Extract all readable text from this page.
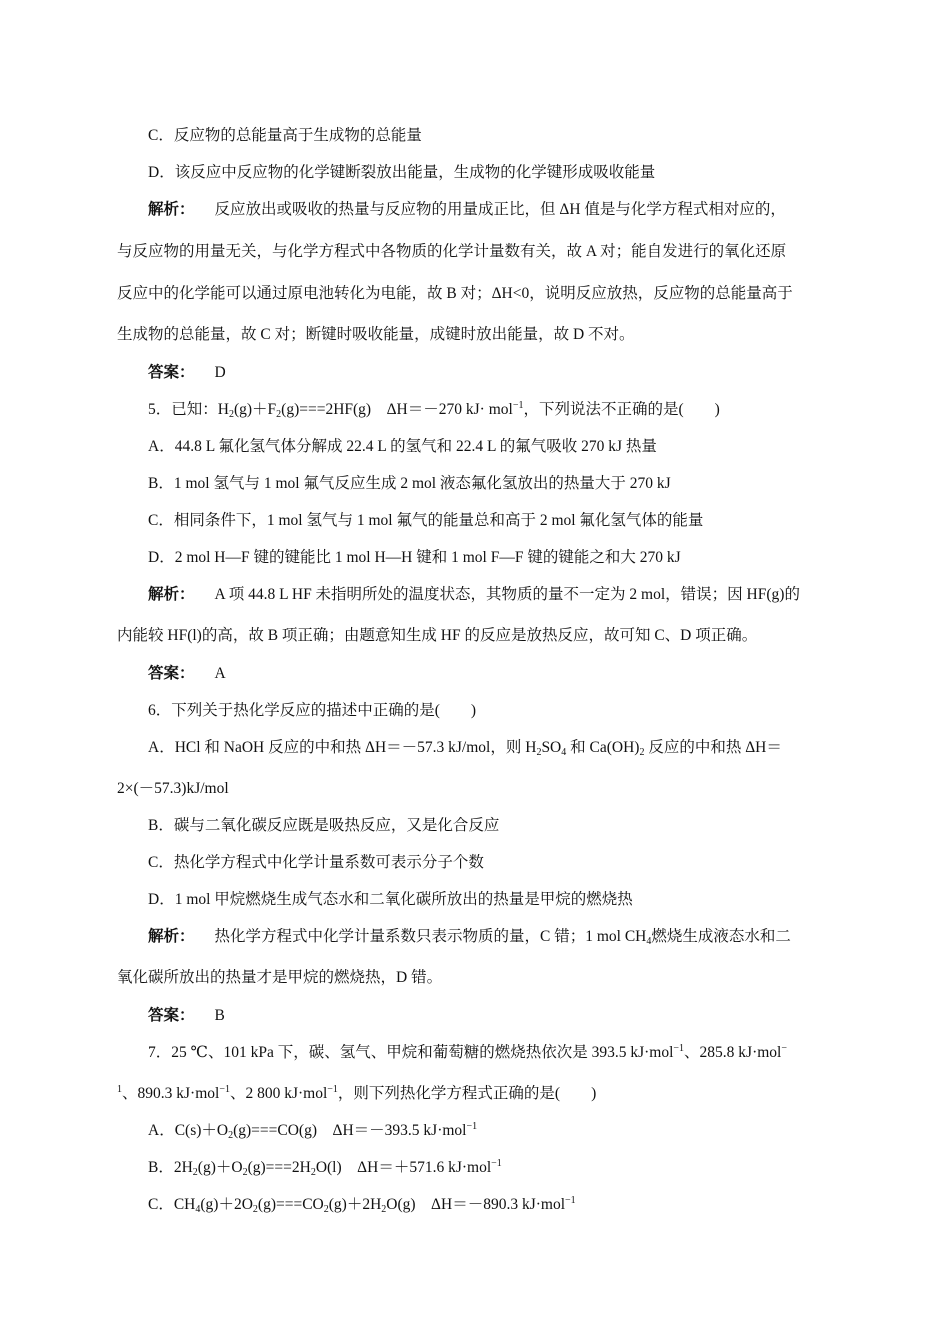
C．反应物的总能量高于生成物的总能量
D．该反应中反应物的化学键断裂放出能量，生成物的化学键形成吸收能量
解析： 反应放出或吸收的热量与反应物的用量成正比，但 ΔH 值是与化学方程式相对应的，
与反应物的用量无关，与化学方程式中各物质的化学计量数有关，故 A 对；能自发进行的氧化还原
反应中的化学能可以通过原电池转化为电能，故 B 对；ΔH<0，说明反应放热，反应物的总能量高于
生成物的总能量，故 C 对；断键时吸收能量，成键时放出能量，故 D 不对。
答案： D
5．已知：$H_2(g)+F_2(g)===2HF(g)$　ΔH＝－270 kJ· mol$^{-1}$，下列说法不正确的是(　　)
A．44.8 L 氟化氢气体分解成 22.4 L 的氢气和 22.4 L 的氟气吸收 270 kJ 热量
B．1 mol 氢气与 1 mol 氟气反应生成 2 mol 液态氟化氢放出的热量大于 270 kJ
C．相同条件下，1 mol 氢气与 1 mol 氟气的能量总和高于 2 mol 氟化氢气体的能量
D．2 mol H—F 键的键能比 1 mol H—H 键和 1 mol F—F 键的键能之和大 270 kJ
解析： A 项 44.8 L HF 未指明所处的温度状态，其物质的量不一定为 2 mol，错误；因 HF(g)的
内能较 HF(l)的高，故 B 项正确；由题意知生成 HF 的反应是放热反应，故可知 C、D 项正确。
答案： A
6．下列关于热化学反应的描述中正确的是(　　)
A．HCl 和 NaOH 反应的中和热 ΔH＝－57.3 kJ/mol，则 $H_2SO_4$ 和 $Ca(OH)_2$ 反应的中和热 ΔH＝
2×(－57.3)kJ/mol
B．碳与二氧化碳反应既是吸热反应，又是化合反应
C．热化学方程式中化学计量系数可表示分子个数
D．1 mol 甲烷燃烧生成气态水和二氧化碳所放出的热量是甲烷的燃烧热
解析： 热化学方程式中化学计量系数只表示物质的量，C 错；1 mol $CH_4$燃烧生成液态水和二
氧化碳所放出的热量才是甲烷的燃烧热，D 错。
答案： B
7．25 ℃、101 kPa 下，碳、氢气、甲烷和葡萄糖的燃烧热依次是 393.5 kJ·mol$^{-1}$、285.8 kJ·mol−
$^1$、890.3 kJ·mol$^{-1}$、2 800 kJ·mol$^{-1}$，则下列热化学方程式正确的是(　　)
A．$C(s)+O_2(g)===CO(g)$　ΔH＝－393.5 kJ·mol$^{-1}$
B．$2H_2(g)+O_2(g)===2H_2O(l)$　ΔH＝＋571.6 kJ·mol$^{-1}$
C．$CH_4(g)+2O_2(g)===CO_2(g)+2H_2O(g)$　ΔH＝－890.3 kJ·mol$^{-1}$
